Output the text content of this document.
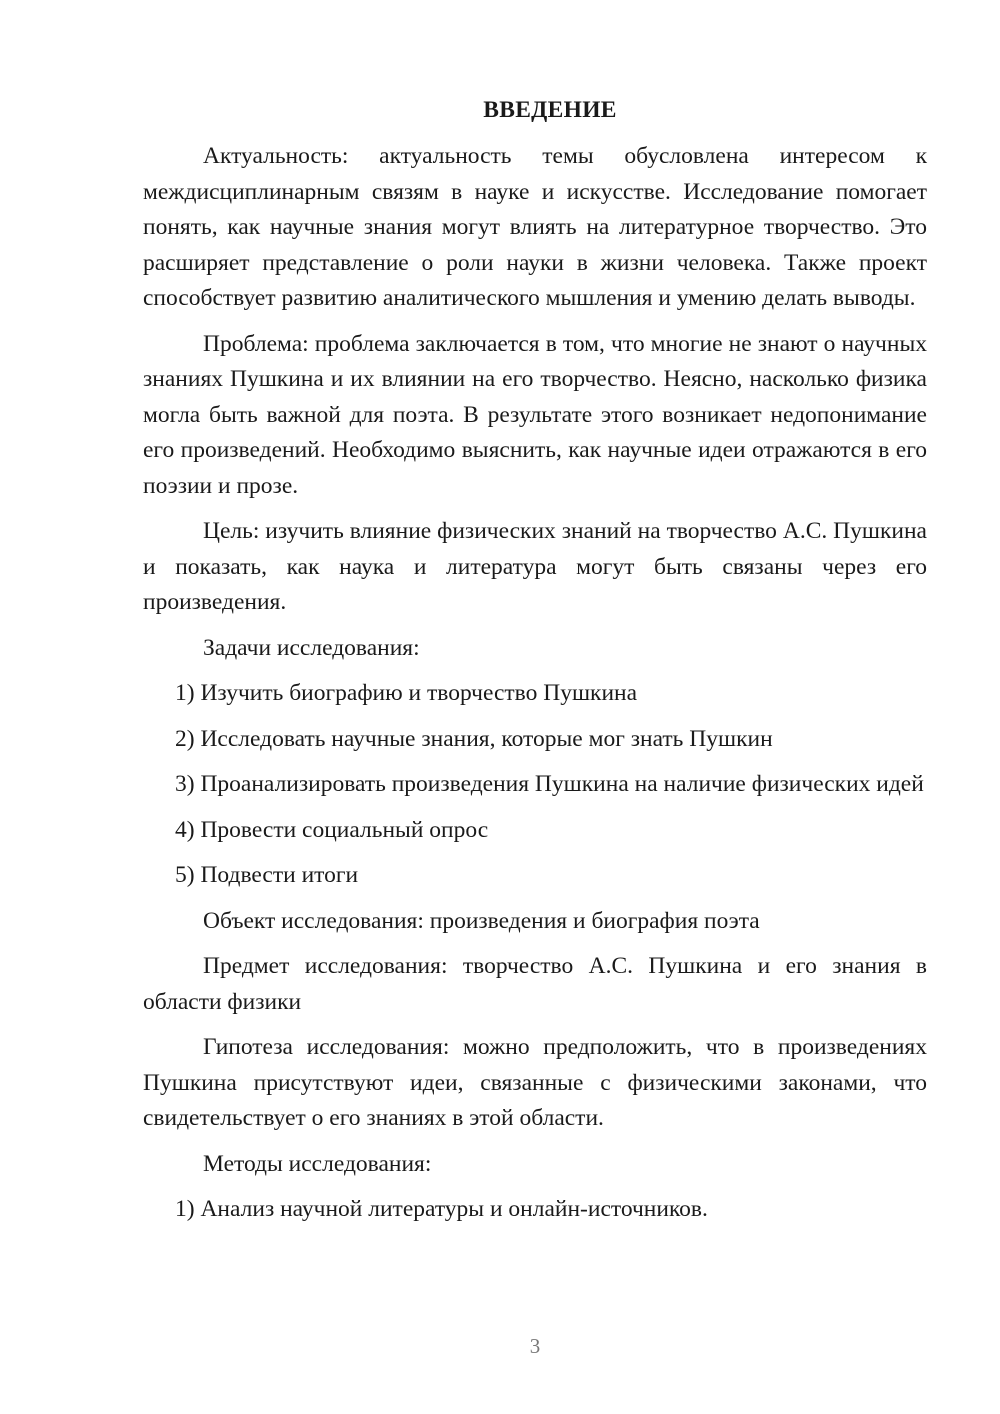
ВВЕДЕНИЕ

Актуальность: актуальность темы обусловлена интересом к междисциплинарным связям в науке и искусстве. Исследование помогает понять, как научные знания могут влиять на литературное творчество. Это расширяет представление о роли науки в жизни человека. Также проект способствует развитию аналитического мышления и умению делать выводы.

Проблема: проблема заключается в том, что многие не знают о научных знаниях Пушкина и их влиянии на его творчество. Неясно, насколько физика могла быть важной для поэта. В результате этого возникает недопонимание его произведений. Необходимо выяснить, как научные идеи отражаются в его поэзии и прозе.

Цель: изучить влияние физических знаний на творчество А.С. Пушкина и показать, как наука и литература могут быть связаны через его произведения.

Задачи исследования:

1) Изучить биографию и творчество Пушкина

2) Исследовать научные знания, которые мог знать Пушкин

3) Проанализировать произведения Пушкина на наличие физических идей

4) Провести социальный опрос

5) Подвести итоги

Объект исследования: произведения и биография поэта

Предмет исследования: творчество А.С. Пушкина и его знания в области физики

Гипотеза исследования: можно предположить, что в произведениях Пушкина присутствуют идеи, связанные с физическими законами, что свидетельствует о его знаниях в этой области.

Методы исследования:

1) Анализ научной литературы и онлайн-источников.

3
